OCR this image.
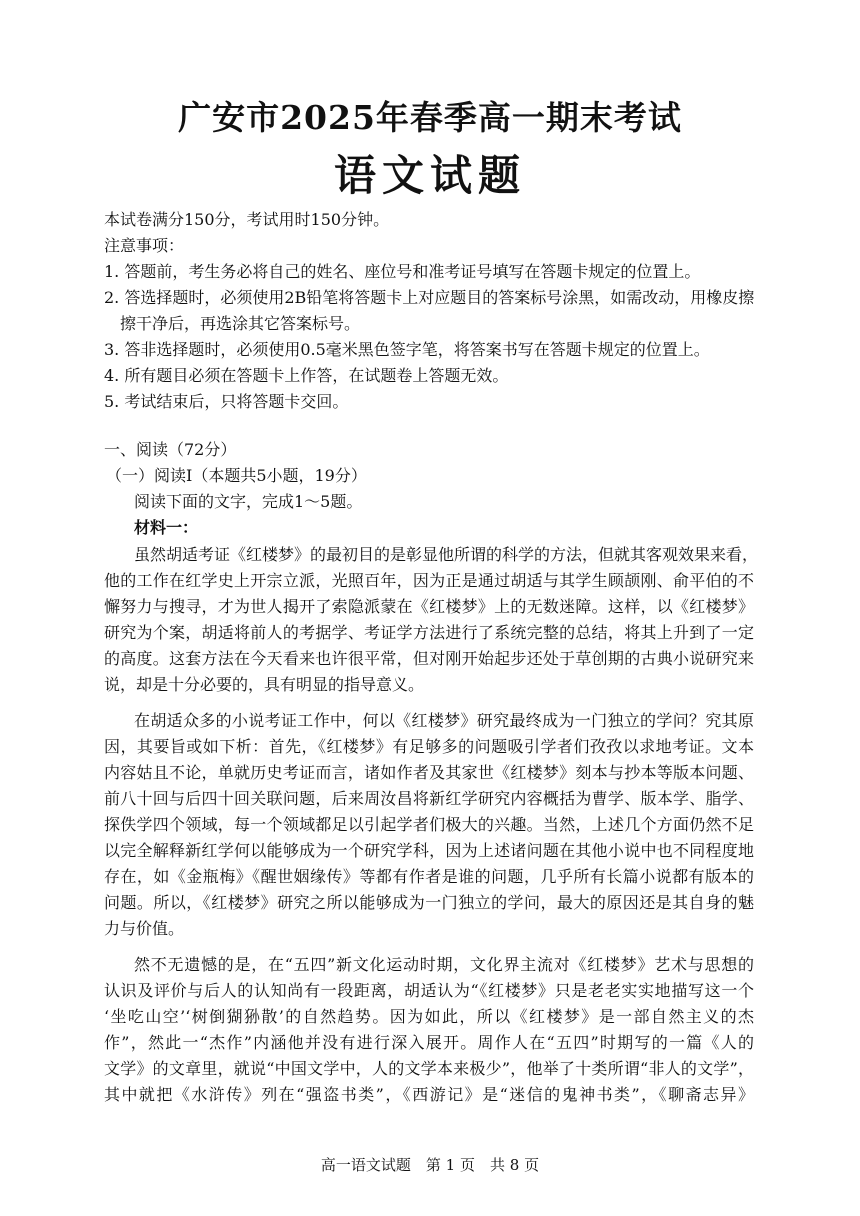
广安市2025年春季高一期末考试
语文试题
本试卷满分150分，考试用时150分钟。
注意事项：
1. 答题前，考生务必将自己的姓名、座位号和准考证号填写在答题卡规定的位置上。
2. 答选择题时，必须使用2B铅笔将答题卡上对应题目的答案标号涂黑，如需改动，用橡皮擦
擦干净后，再选涂其它答案标号。
3. 答非选择题时，必须使用0.5毫米黑色签字笔，将答案书写在答题卡规定的位置上。
4. 所有题目必须在答题卡上作答，在试题卷上答题无效。
5. 考试结束后，只将答题卡交回。
一、阅读（72分）
（一）阅读Ⅰ（本题共5小题，19分）
阅读下面的文字，完成1～5题。
材料一：
虽然胡适考证《红楼梦》的最初目的是彰显他所谓的科学的方法，但就其客观效果来看，
他的工作在红学史上开宗立派，光照百年，因为正是通过胡适与其学生顾颉刚、俞平伯的不
懈努力与搜寻，才为世人揭开了索隐派蒙在《红楼梦》上的无数迷障。这样，以《红楼梦》
研究为个案，胡适将前人的考据学、考证学方法进行了系统完整的总结，将其上升到了一定
的高度。这套方法在今天看来也许很平常，但对刚开始起步还处于草创期的古典小说研究来
说，却是十分必要的，具有明显的指导意义。
在胡适众多的小说考证工作中，何以《红楼梦》研究最终成为一门独立的学问？究其原
因，其要旨或如下析：首先，《红楼梦》有足够多的问题吸引学者们孜孜以求地考证。文本
内容姑且不论，单就历史考证而言，诸如作者及其家世《红楼梦》刻本与抄本等版本问题、
前八十回与后四十回关联问题，后来周汝昌将新红学研究内容概括为曹学、版本学、脂学、
探佚学四个领域，每一个领域都足以引起学者们极大的兴趣。当然，上述几个方面仍然不足
以完全解释新红学何以能够成为一个研究学科，因为上述诸问题在其他小说中也不同程度地
存在，如《金瓶梅》《醒世姻缘传》等都有作者是谁的问题，几乎所有长篇小说都有版本的
问题。所以，《红楼梦》研究之所以能够成为一门独立的学问，最大的原因还是其自身的魅
力与价值。
然不无遗憾的是，在“五四”新文化运动时期，文化界主流对《红楼梦》艺术与思想的
认识及评价与后人的认知尚有一段距离，胡适认为“《红楼梦》只是老老实实地描写这一个
‘坐吃山空’‘树倒猢狲散’的自然趋势。因为如此，所以《红楼梦》是一部自然主义的杰
作”，然此一“杰作”内涵他并没有进行深入展开。周作人在“五四”时期写的一篇《人的
文学》的文章里，就说“中国文学中，人的文学本来极少”，他举了十类所谓“非人的文学”，
其中就把《水浒传》列在“强盗书类”，《西游记》是“迷信的鬼神书类”，《聊斋志异》
高一语文试题　第 1 页　共 8 页
